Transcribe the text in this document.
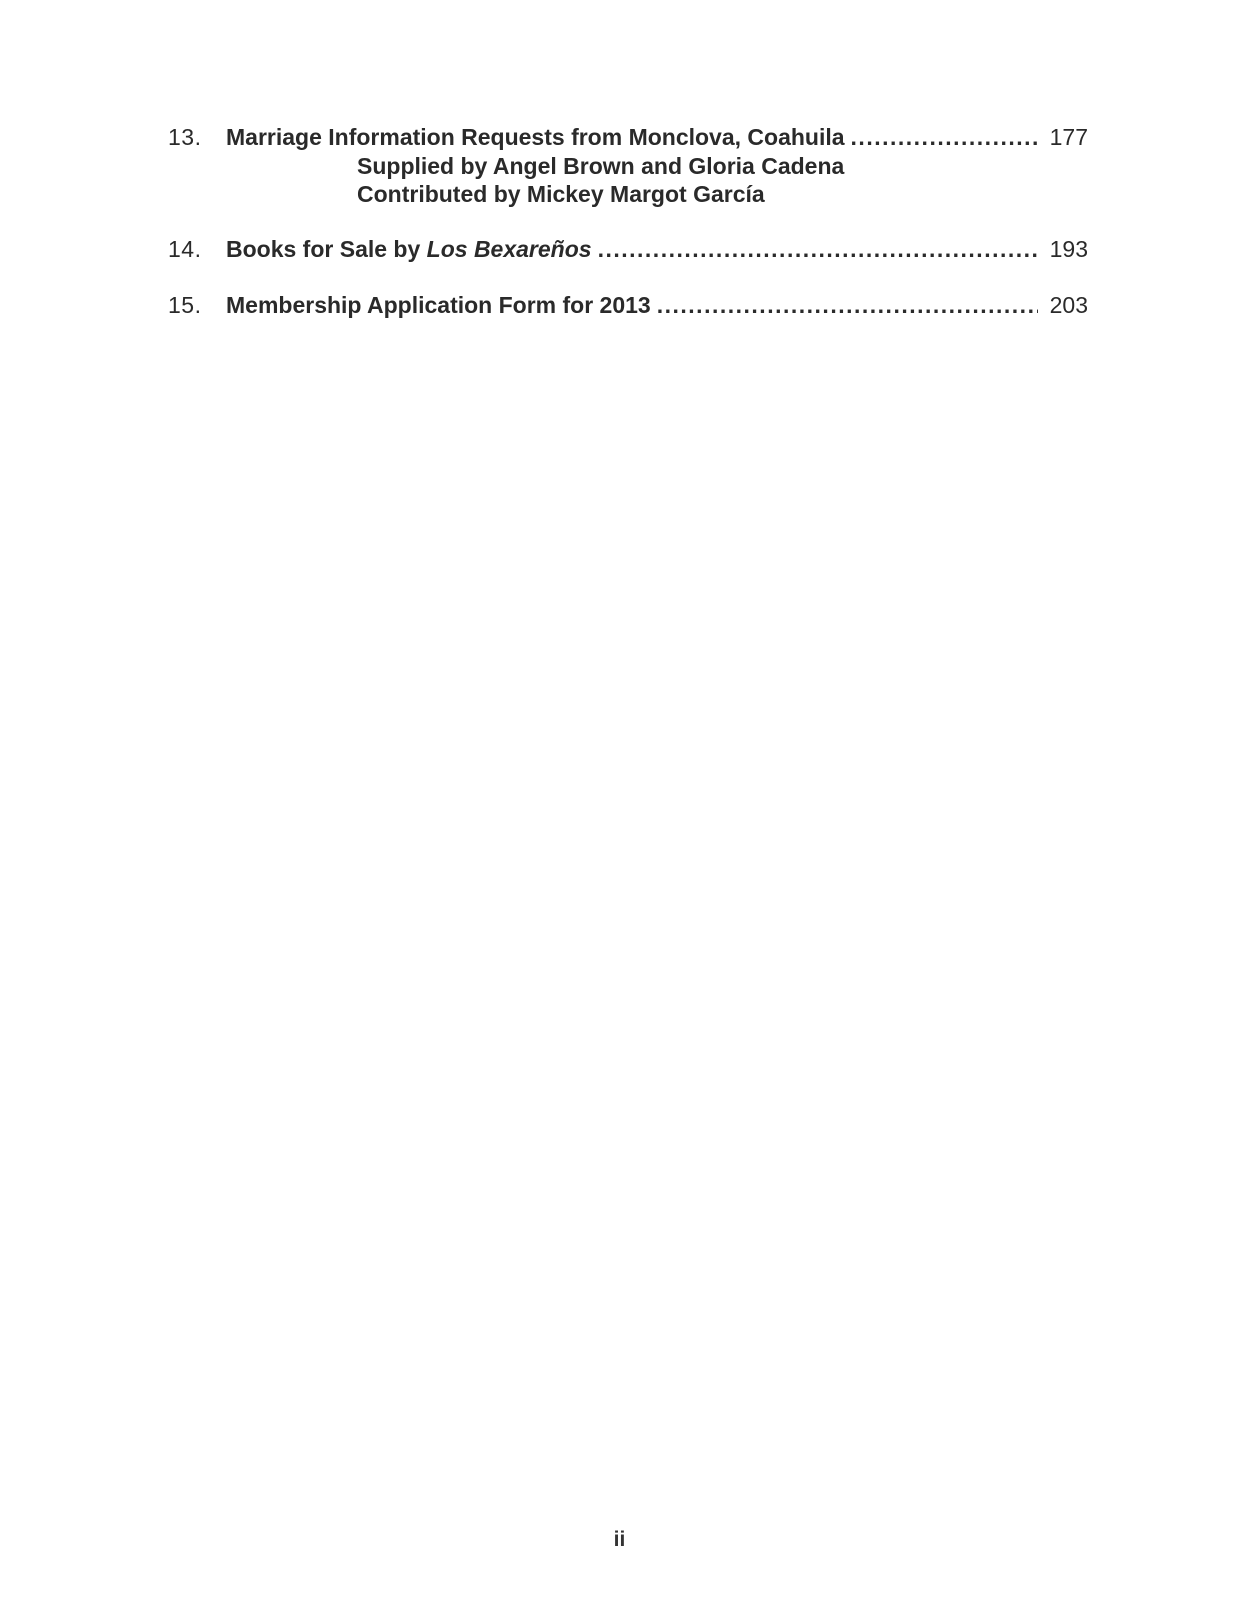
13.	Marriage Information Requests from Monclova, Coahuila .....	177
Supplied by Angel Brown and Gloria Cadena
Contributed by Mickey Margot García
14.	Books for Sale by Los Bexareños .....	193
15.	Membership Application Form for 2013 .....	203
ii
